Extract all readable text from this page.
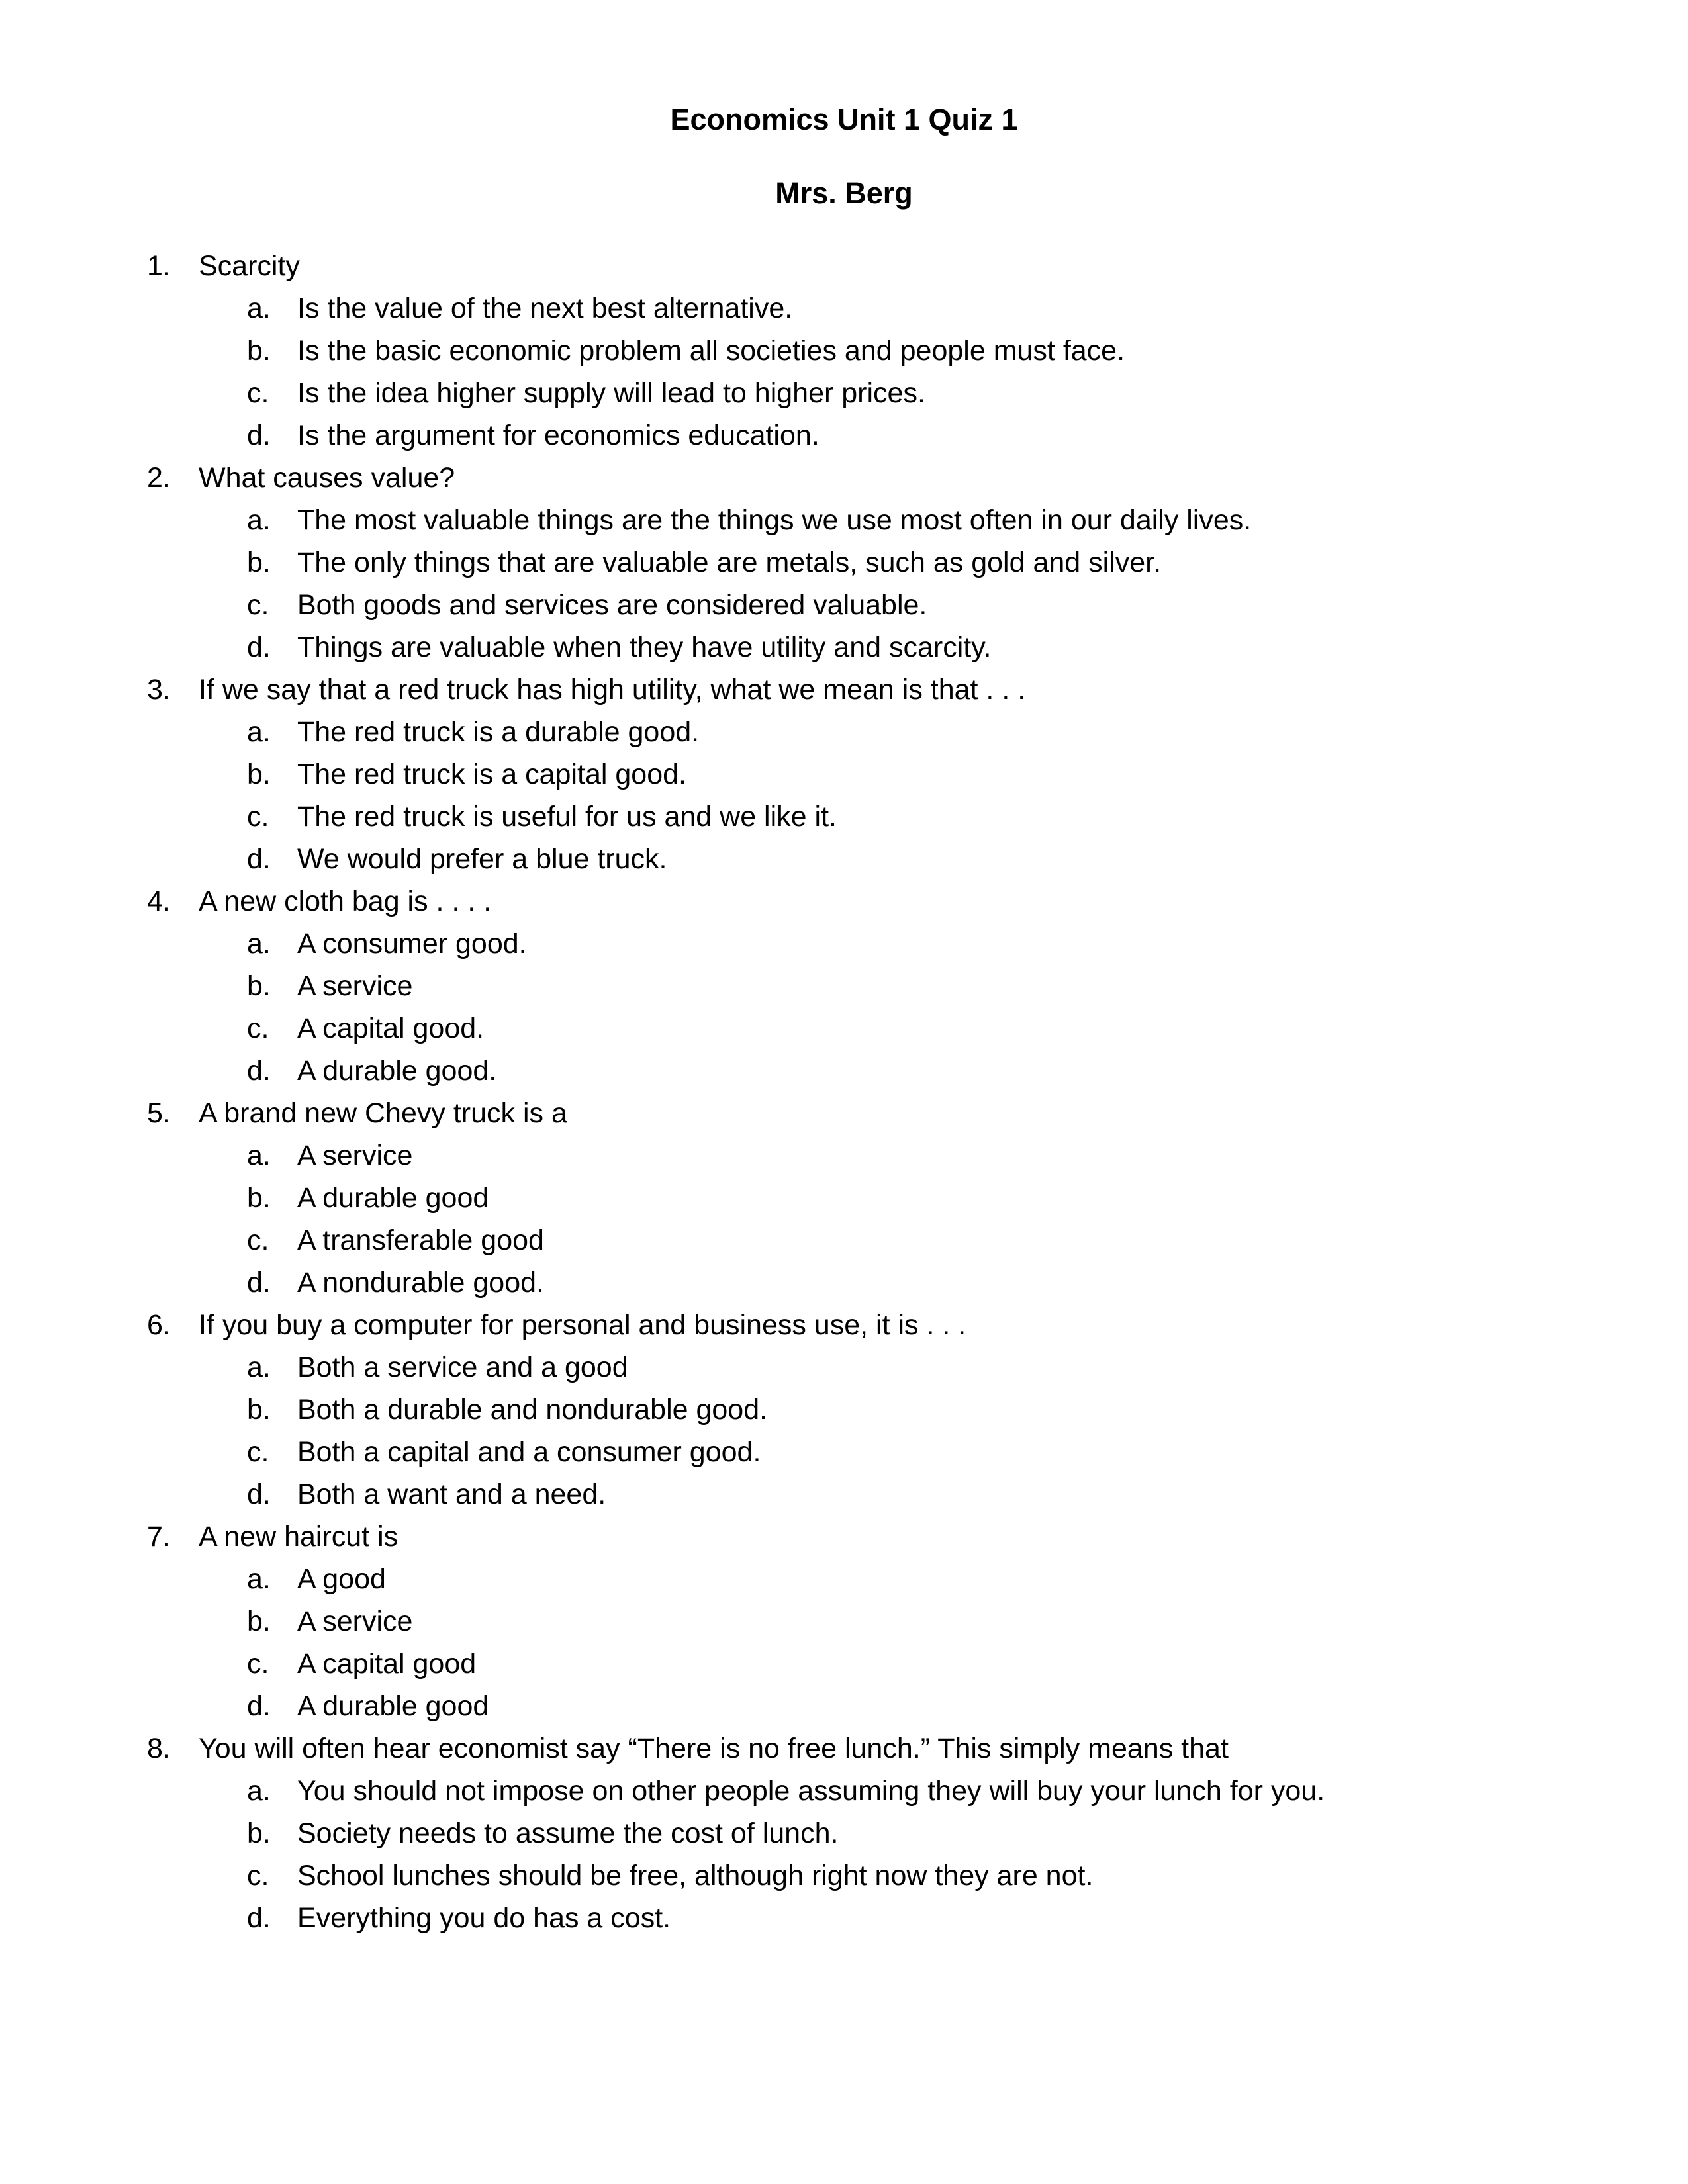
Economics Unit 1 Quiz 1
Mrs. Berg
1. Scarcity
a. Is the value of the next best alternative.
b. Is the basic economic problem all societies and people must face.
c. Is the idea higher supply will lead to higher prices.
d. Is the argument for economics education.
2. What causes value?
a. The most valuable things are the things we use most often in our daily lives.
b. The only things that are valuable are metals, such as gold and silver.
c. Both goods and services are considered valuable.
d. Things are valuable when they have utility and scarcity.
3. If we say that a red truck has high utility, what we mean is that . . .
a. The red truck is a durable good.
b. The red truck is a capital good.
c. The red truck is useful for us and we like it.
d. We would prefer a blue truck.
4. A new cloth bag is . . . .
a. A consumer good.
b. A service
c. A capital good.
d. A durable good.
5. A brand new Chevy truck is a
a. A service
b. A durable good
c. A transferable good
d. A nondurable good.
6. If you buy a computer for personal and business use, it is . . .
a. Both a service and a good
b. Both a durable and nondurable good.
c. Both a capital and a consumer good.
d. Both a want and a need.
7. A new haircut is
a. A good
b. A service
c. A capital good
d. A durable good
8. You will often hear economist say “There is no free lunch.” This simply means that
a. You should not impose on other people assuming they will buy your lunch for you.
b. Society needs to assume the cost of lunch.
c. School lunches should be free, although right now they are not.
d. Everything you do has a cost.
